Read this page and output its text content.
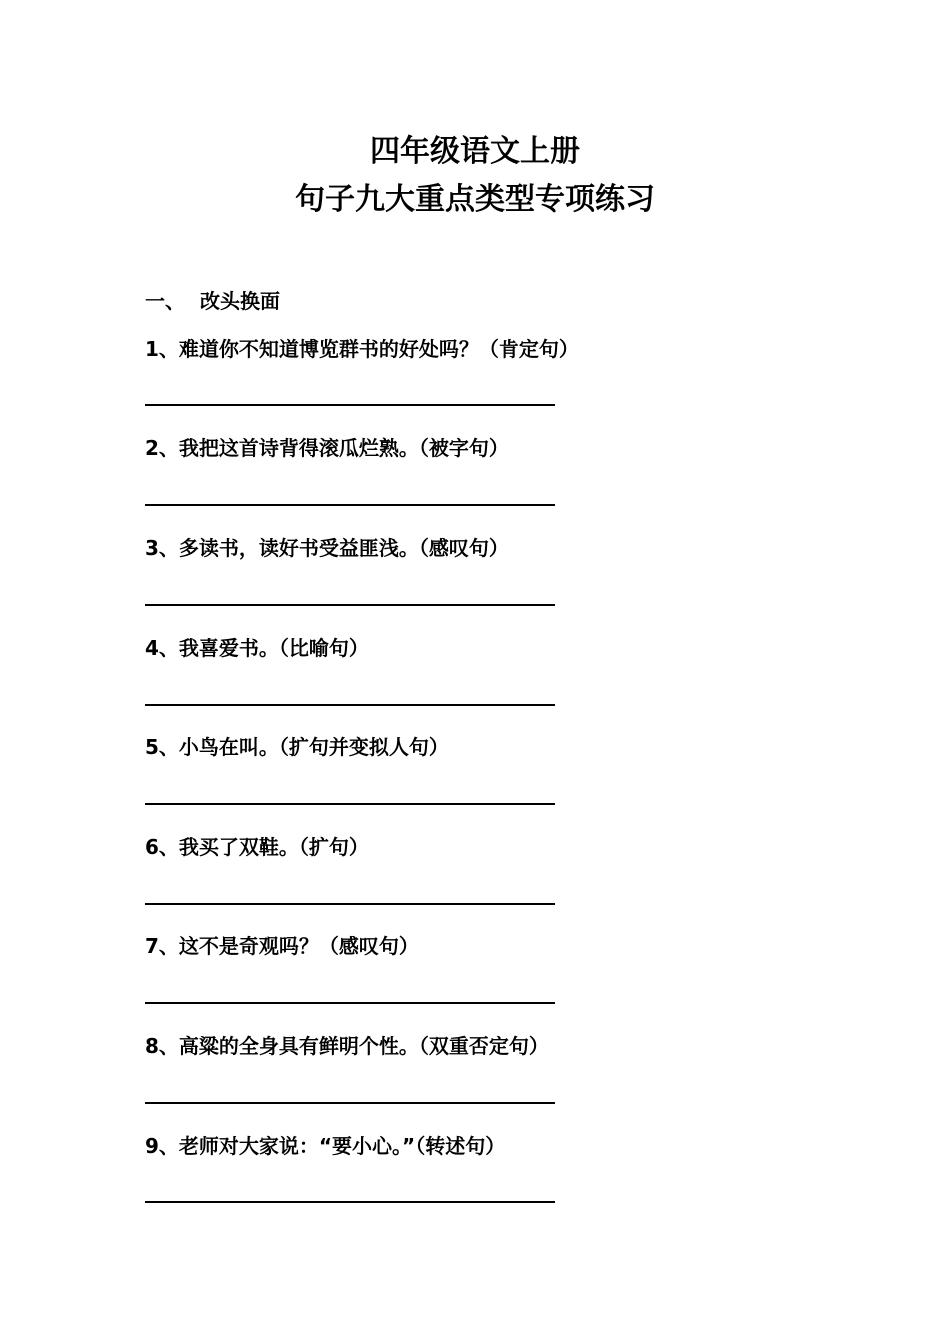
四年级语文上册
句子九大重点类型专项练习
一、 改头换面
1、难道你不知道博览群书的好处吗？（肯定句）
2、我把这首诗背得滚瓜烂熟。（被字句）
3、多读书，读好书受益匪浅。（感叹句）
4、我喜爱书。（比喻句）
5、小鸟在叫。（扩句并变拟人句）
6、我买了双鞋。（扩句）
7、这不是奇观吗？（感叹句）
8、高粱的全身具有鲜明个性。（双重否定句）
9、老师对大家说：“要小心。”（转述句）
